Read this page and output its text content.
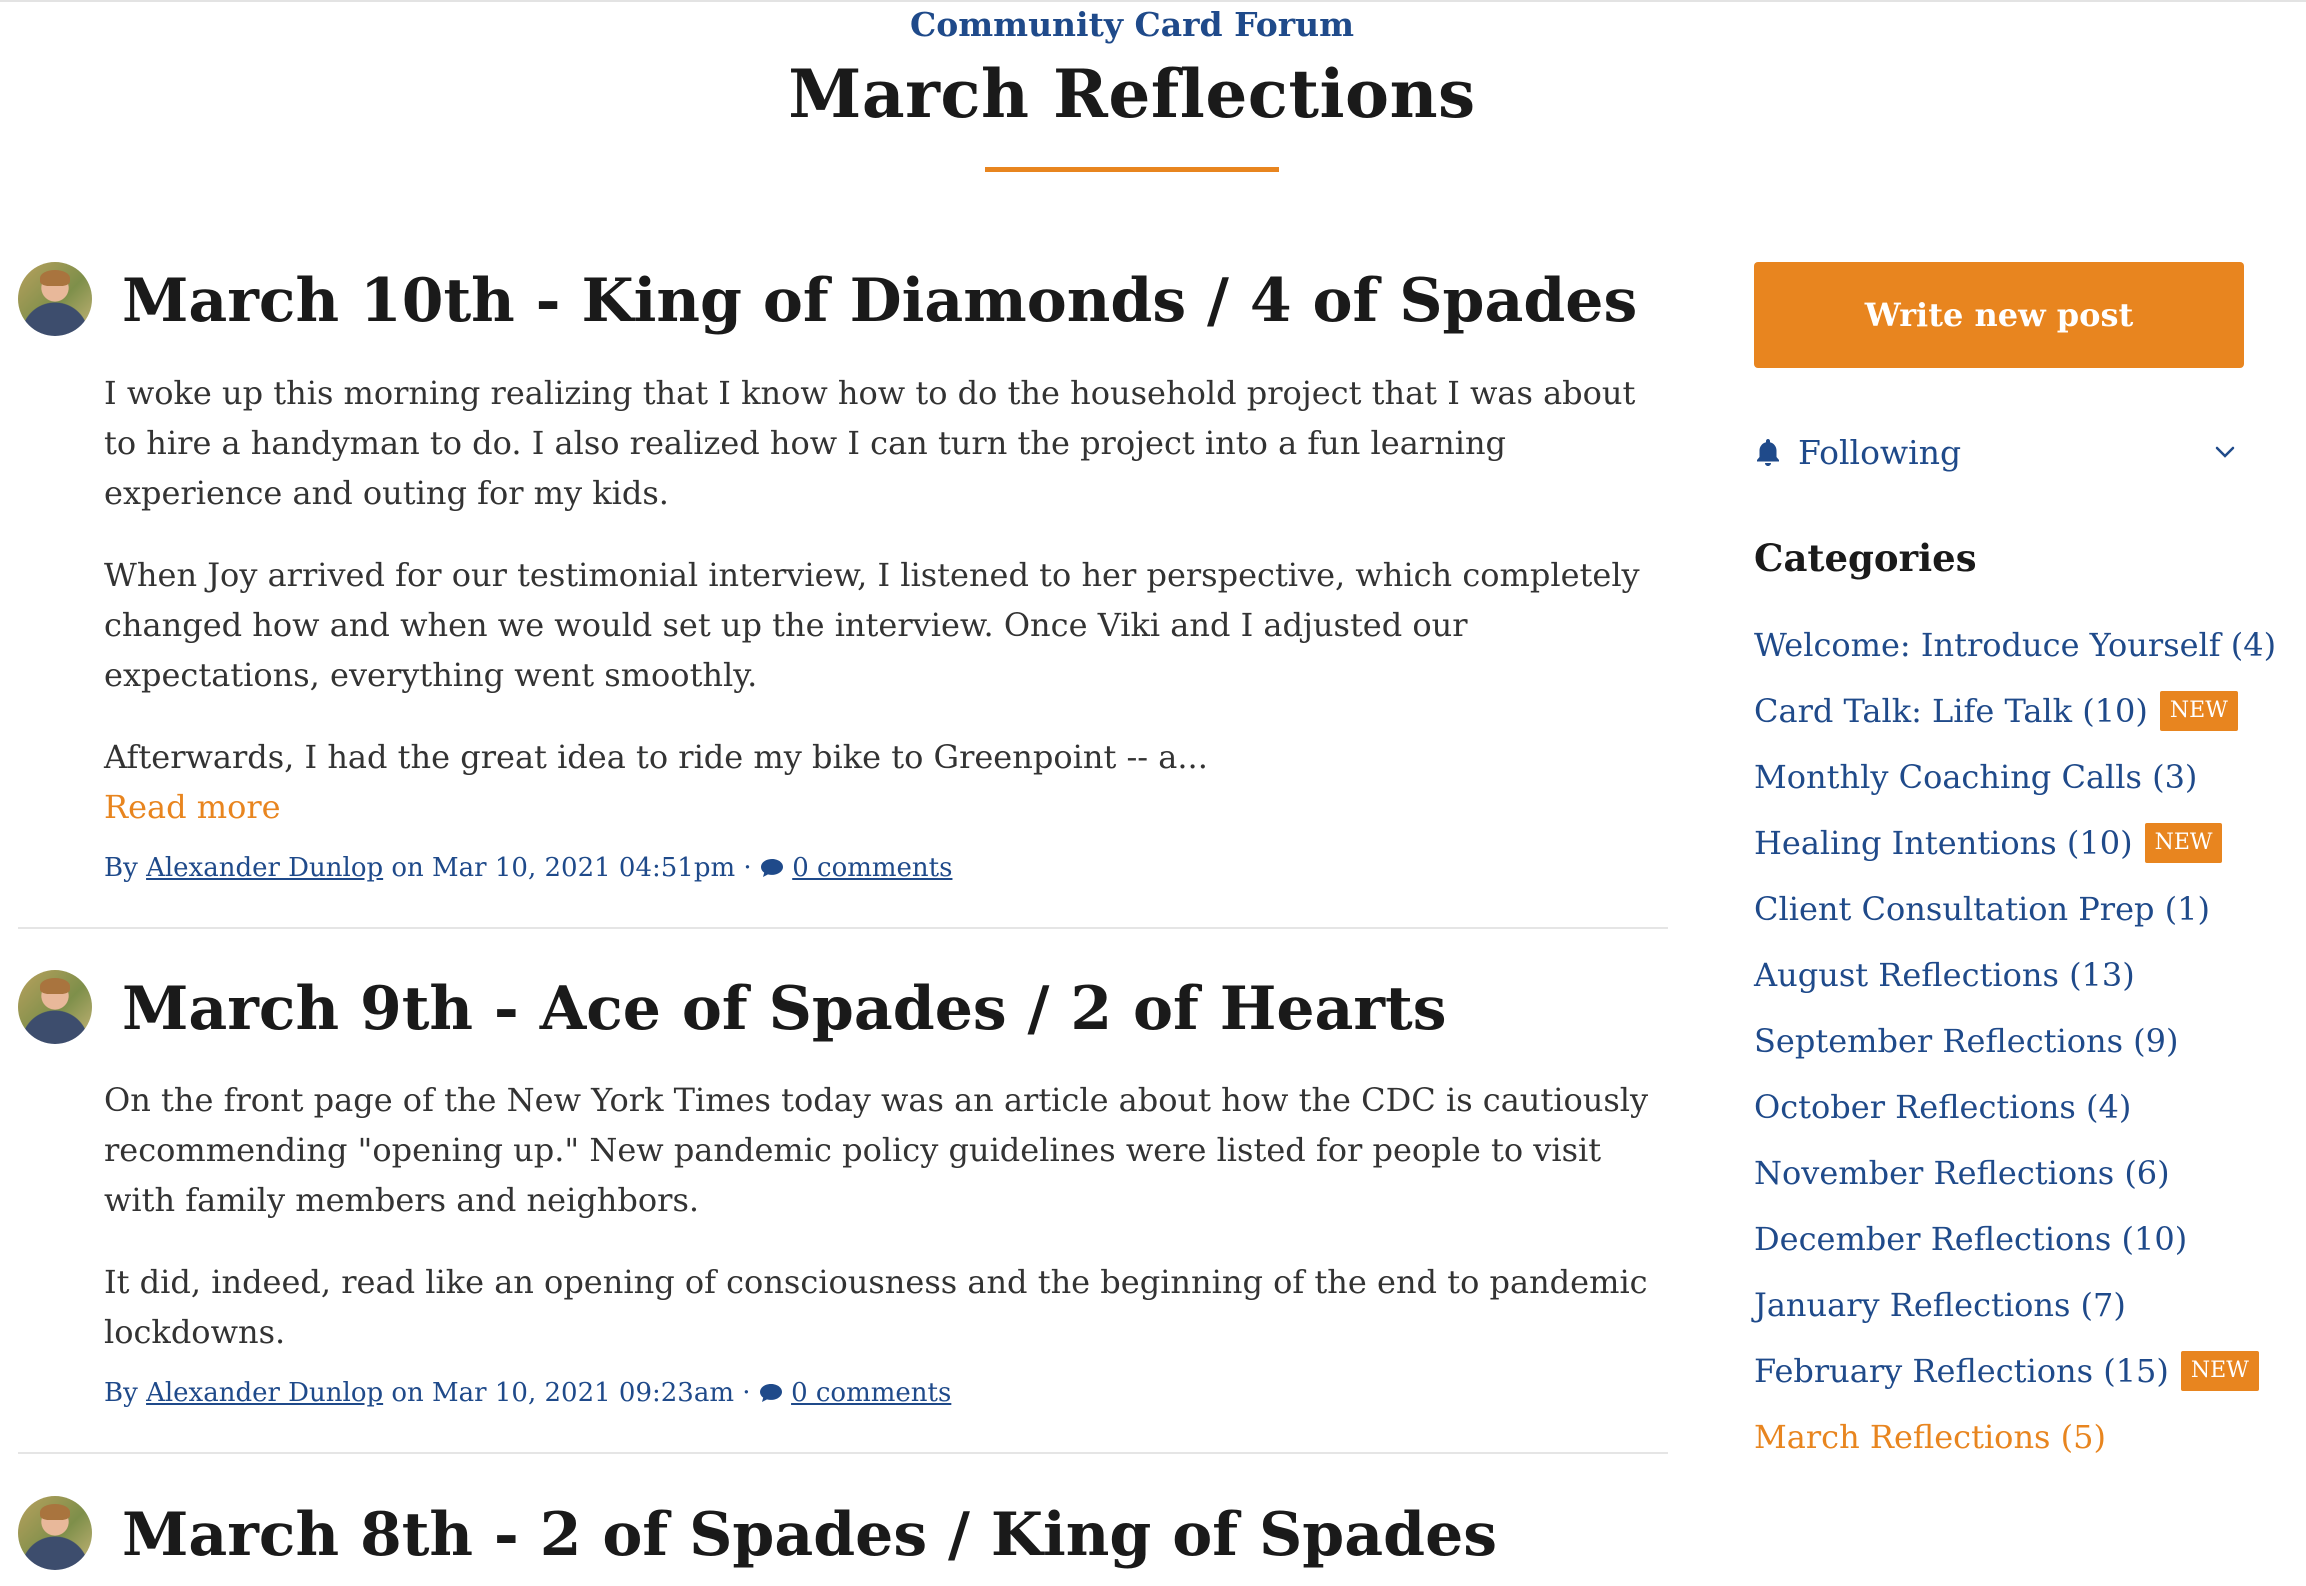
Community Card Forum
March Reflections
March 10th - King of Diamonds / 4 of Spades

I woke up this morning realizing that I know how to do the household project that I was about to hire a handyman to do. I also realized how I can turn the project into a fun learning experience and outing for my kids.

When Joy arrived for our testimonial interview, I listened to her perspective, which completely changed how and when we would set up the interview. Once Viki and I adjusted our expectations, everything went smoothly.

Afterwards, I had the great idea to ride my bike to Greenpoint -- a...

Read more
By Alexander Dunlop on Mar 10, 2021 04:51pm · 0 comments
March 9th - Ace of Spades / 2 of Hearts

On the front page of the New York Times today was an article about how the CDC is cautiously recommending "opening up." New pandemic policy guidelines were listed for people to visit with family members and neighbors.

It did, indeed, read like an opening of consciousness and the beginning of the end to pandemic lockdowns.

By Alexander Dunlop on Mar 10, 2021 09:23am · 0 comments
March 8th - 2 of Spades / King of Spades
Write new post
Following
Categories
Welcome: Introduce Yourself (4)
Card Talk: Life Talk (10)	NEW
Monthly Coaching Calls (3)
Healing Intentions (10)	NEW
Client Consultation Prep (1)
August Reflections (13)
September Reflections (9)
October Reflections (4)
November Reflections (6)
December Reflections (10)
January Reflections (7)
February Reflections (15)	NEW
March Reflections (5)
